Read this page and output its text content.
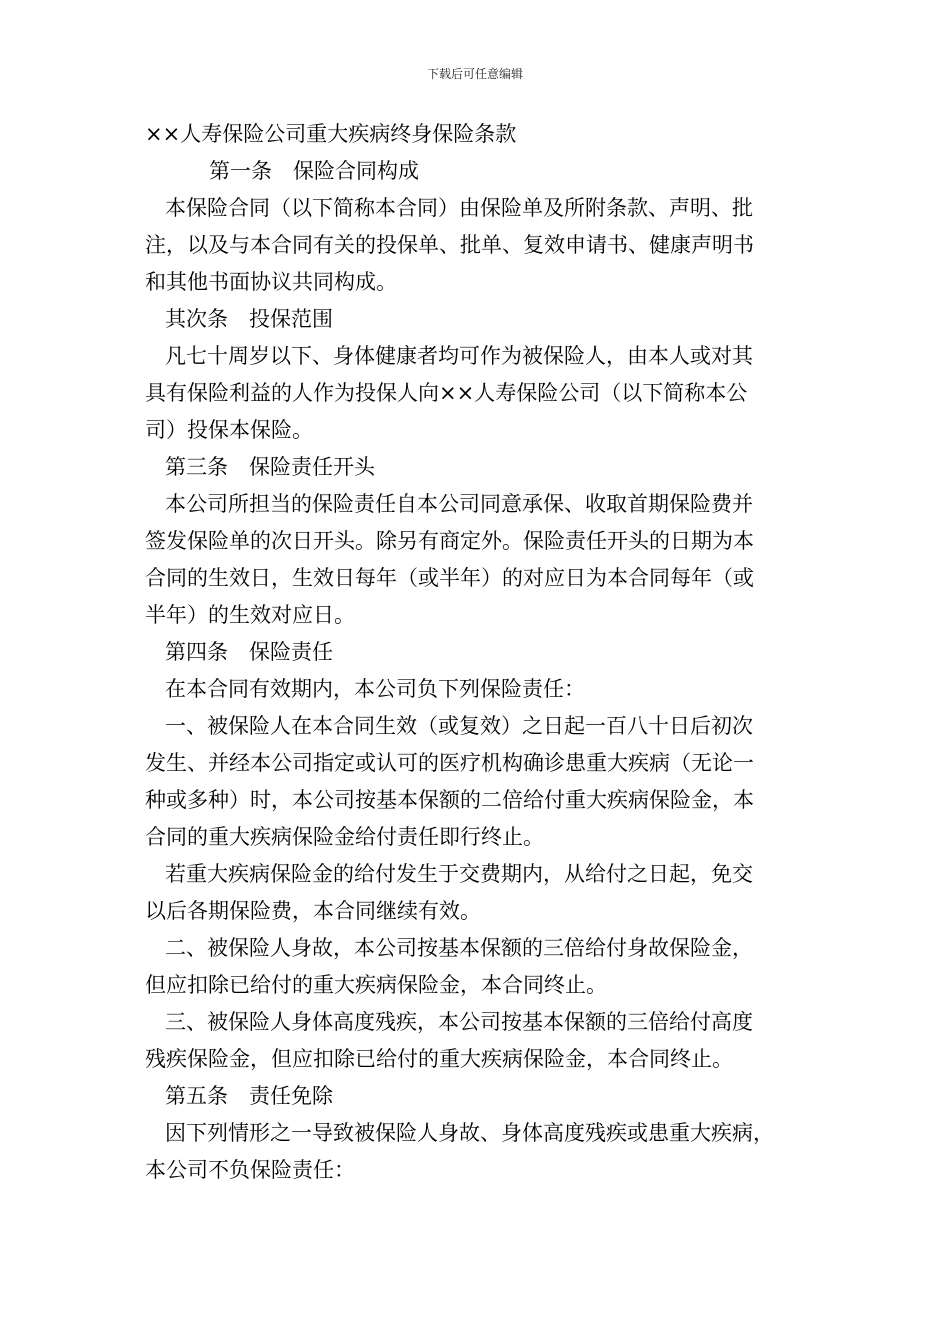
下载后可任意编辑
××人寿保险公司重大疾病终身保险条款
第一条　保险合同构成
本保险合同（以下简称本合同）由保险单及所附条款、声明、批
注，以及与本合同有关的投保单、批单、复效申请书、健康声明书
和其他书面协议共同构成。
其次条　投保范围
凡七十周岁以下、身体健康者均可作为被保险人，由本人或对其
具有保险利益的人作为投保人向××人寿保险公司（以下简称本公
司）投保本保险。
第三条　保险责任开头
本公司所担当的保险责任自本公司同意承保、收取首期保险费并
签发保险单的次日开头。除另有商定外。保险责任开头的日期为本
合同的生效日，生效日每年（或半年）的对应日为本合同每年（或
半年）的生效对应日。
第四条　保险责任
在本合同有效期内，本公司负下列保险责任：
一、被保险人在本合同生效（或复效）之日起一百八十日后初次
发生、并经本公司指定或认可的医疗机构确诊患重大疾病（无论一
种或多种）时，本公司按基本保额的二倍给付重大疾病保险金，本
合同的重大疾病保险金给付责任即行终止。
若重大疾病保险金的给付发生于交费期内，从给付之日起，免交
以后各期保险费，本合同继续有效。
二、被保险人身故，本公司按基本保额的三倍给付身故保险金，
但应扣除已给付的重大疾病保险金，本合同终止。
三、被保险人身体高度残疾，本公司按基本保额的三倍给付高度
残疾保险金，但应扣除已给付的重大疾病保险金，本合同终止。
第五条　责任免除
因下列情形之一导致被保险人身故、身体高度残疾或患重大疾病，
本公司不负保险责任：
